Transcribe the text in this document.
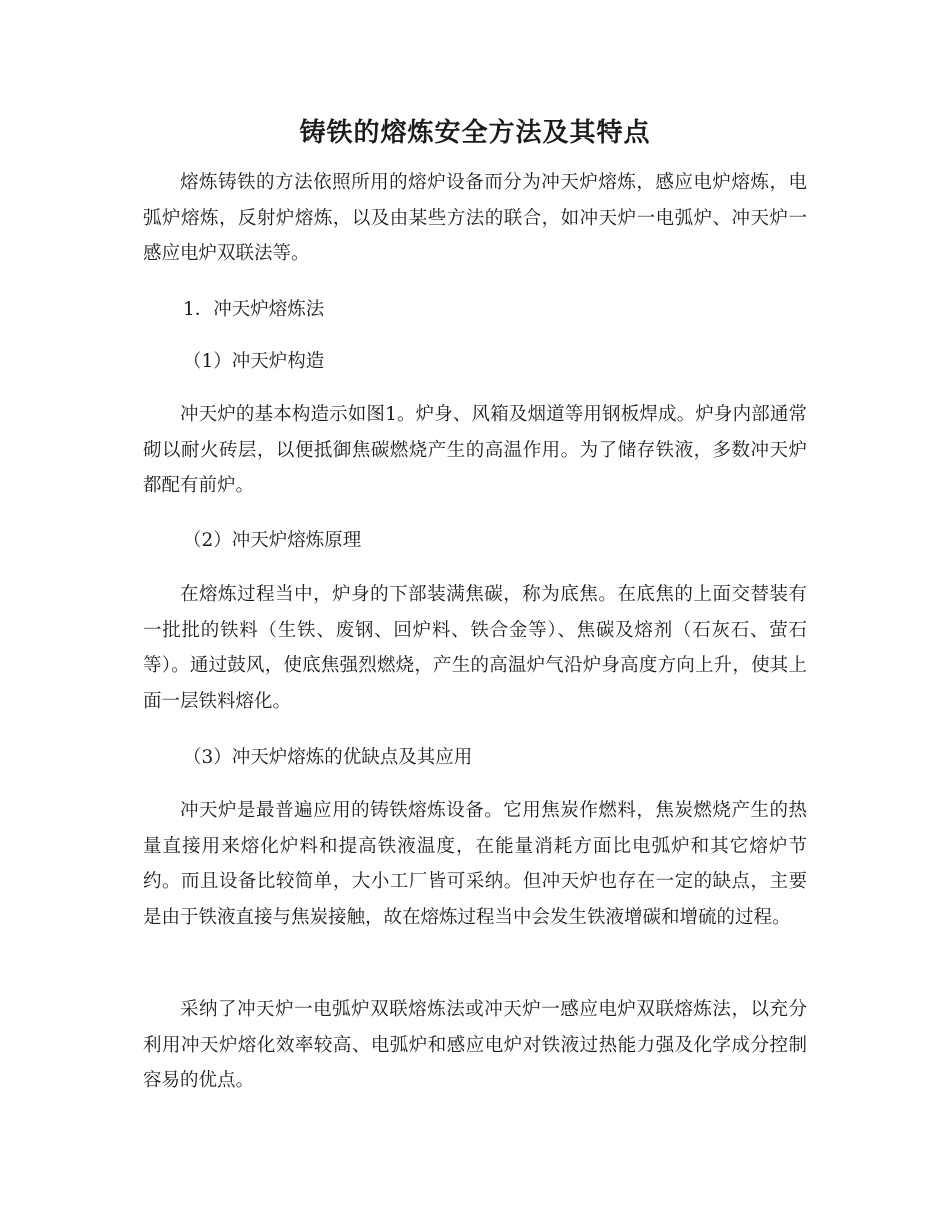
铸铁的熔炼安全方法及其特点

熔炼铸铁的方法依照所用的熔炉设备而分为冲天炉熔炼，感应电炉熔炼，电弧炉熔炼，反射炉熔炼，以及由某些方法的联合，如冲天炉一电弧炉、冲天炉一感应电炉双联法等。

1．冲天炉熔炼法

（1）冲天炉构造

冲天炉的基本构造示如图1。炉身、风箱及烟道等用钢板焊成。炉身内部通常砌以耐火砖层，以便抵御焦碳燃烧产生的高温作用。为了储存铁液，多数冲天炉都配有前炉。

（2）冲天炉熔炼原理

在熔炼过程当中，炉身的下部装满焦碳，称为底焦。在底焦的上面交替装有一批批的铁料（生铁、废钢、回炉料、铁合金等）、焦碳及熔剂（石灰石、萤石等）。通过鼓风，使底焦强烈燃烧，产生的高温炉气沿炉身高度方向上升，使其上面一层铁料熔化。

（3）冲天炉熔炼的优缺点及其应用

冲天炉是最普遍应用的铸铁熔炼设备。它用焦炭作燃料，焦炭燃烧产生的热量直接用来熔化炉料和提高铁液温度，在能量消耗方面比电弧炉和其它熔炉节约。而且设备比较简单，大小工厂皆可采纳。但冲天炉也存在一定的缺点，主要是由于铁液直接与焦炭接触，故在熔炼过程当中会发生铁液增碳和增硫的过程。

采纳了冲天炉一电弧炉双联熔炼法或冲天炉一感应电炉双联熔炼法，以充分利用冲天炉熔化效率较高、电弧炉和感应电炉对铁液过热能力强及化学成分控制容易的优点。
